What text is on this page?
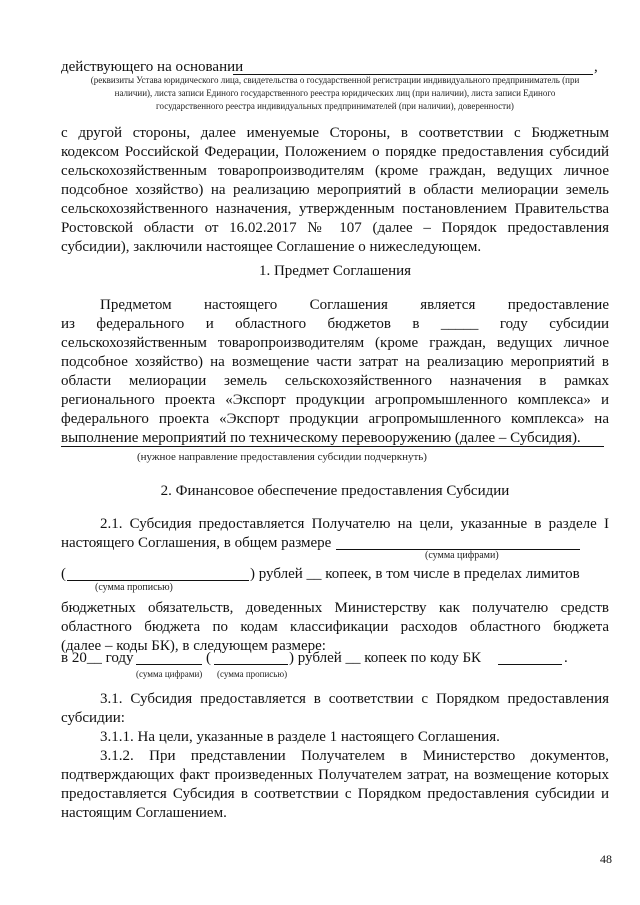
действующего на основании	,
(реквизиты Устава юридического лица, свидетельства о государственной регистрации индивидуального предприниматель (при
наличии), листа записи Единого государственного реестра юридических лиц (при наличии), листа записи Единого
государственного реестра индивидуальных предпринимателей (при наличии), доверенности)
с другой стороны, далее именуемые Стороны, в соответствии с Бюджетным
кодексом Российской Федерации, Положением о порядке предоставления субсидий
сельскохозяйственным товаропроизводителям (кроме граждан, ведущих личное
подсобное хозяйство) на реализацию мероприятий в области мелиорации земель
сельскохозяйственного назначения, утвержденным постановлением Правительства
Ростовской области от 16.02.2017 № 107 (далее – Порядок предоставления
субсидии), заключили настоящее Соглашение о нижеследующем.
1. Предмет Соглашения
Предметом настоящего Соглашения является предоставление
из федерального и областного бюджетов в _____ году субсидии
сельскохозяйственным товаропроизводителям (кроме граждан, ведущих личное
подсобное хозяйство) на возмещение части затрат на реализацию мероприятий в
области мелиорации земель сельскохозяйственного назначения в рамках
регионального проекта «Экспорт продукции агропромышленного комплекса» и
федерального проекта «Экспорт продукции агропромышленного комплекса» на
выполнение мероприятий по техническому перевооружению (далее – Субсидия).
(нужное направление предоставления субсидии подчеркнуть)
2. Финансовое обеспечение предоставления Субсидии
2.1. Субсидия предоставляется Получателю на цели, указанные в разделе I
настоящего Соглашения, в общем размере
(сумма цифрами)
(	) рублей __ копеек, в том числе в пределах лимитов
(сумма прописью)
бюджетных обязательств, доведенных Министерству как получателю средств
областного бюджета по кодам классификации расходов областного бюджета
(далее – коды БК), в следующем размере:
в 20__ году	(	) рублей __ копеек по коду БК	.
(сумма цифрами)	(сумма прописью)
3.1. Субсидия предоставляется в соответствии с Порядком предоставления
субсидии:
3.1.1. На цели, указанные в разделе 1 настоящего Соглашения.
3.1.2. При представлении Получателем в Министерство документов,
подтверждающих факт произведенных Получателем затрат, на возмещение которых
предоставляется Субсидия в соответствии с Порядком предоставления субсидии и
настоящим Соглашением.
48
